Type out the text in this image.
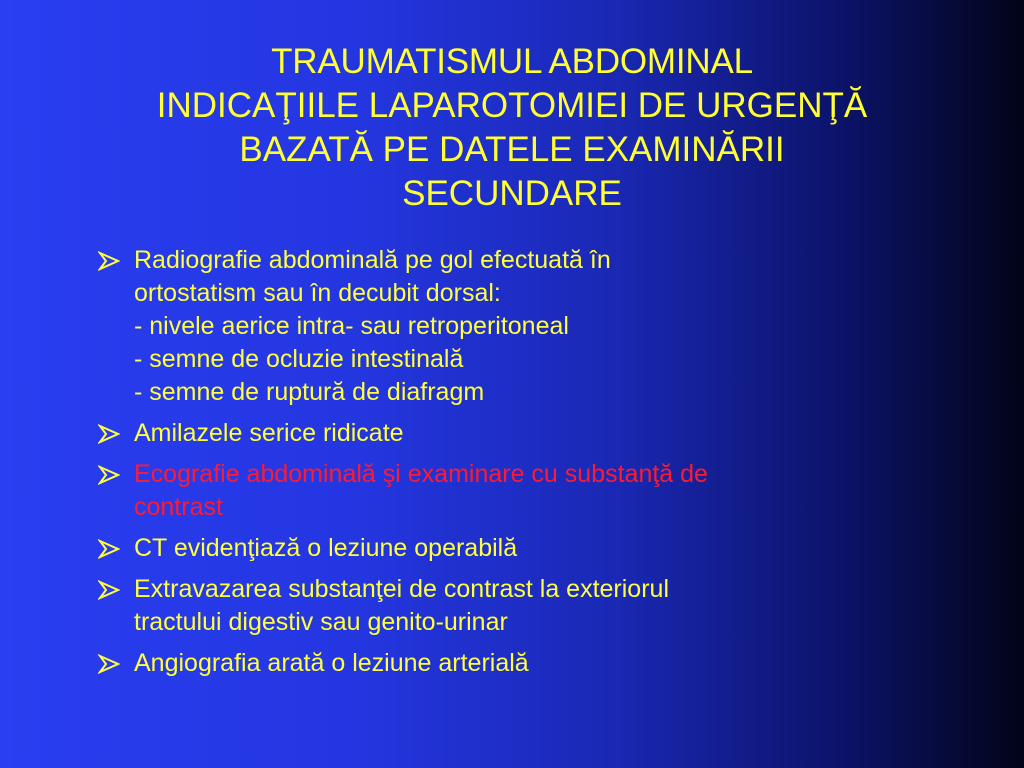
TRAUMATISMUL ABDOMINAL
INDICAŢIILE LAPAROTOMIEI DE URGENŢĂ
BAZATĂ PE DATELE EXAMINĂRII
SECUNDARE
Radiografie abdominală pe gol efectuată în
ortostatism sau în decubit dorsal:
- nivele aerice intra- sau retroperitoneal
- semne de ocluzie intestinală
- semne de ruptură de diafragm
Amilazele serice ridicate
Ecografie abdominală şi examinare cu substanţă de
contrast
CT evidenţiază o leziune operabilă
Extravazarea substanţei de contrast la exteriorul
tractului digestiv sau genito-urinar
Angiografia arată o leziune arterială
